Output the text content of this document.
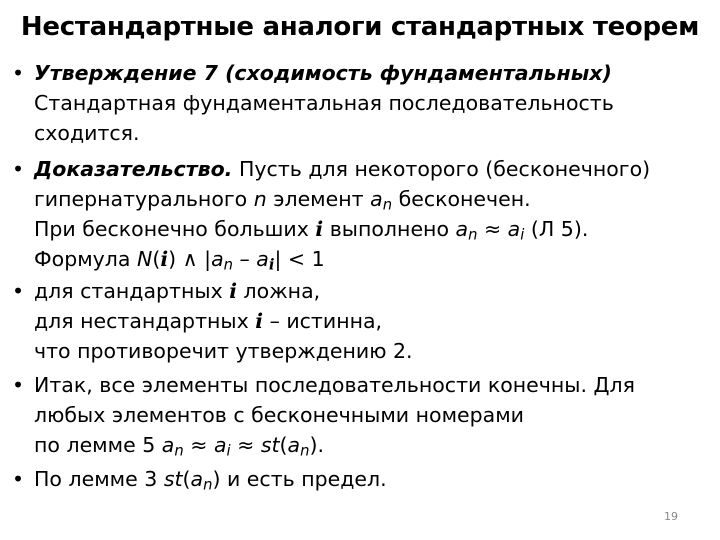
Нестандартные аналоги стандартных теорем
• Утверждение 7 (сходимость фундаментальных)
Стандартная фундаментальная последовательность
сходится.
• Доказательство. Пусть для некоторого (бесконечного)
гипернатурального n элемент $a_n$ бесконечен.
При бесконечно больших i выполнено $a_n \approx a_i$ (Л 5).
Формула N(i) ∧ $|a_n - a_i| < 1$
• для стандартных i ложна,
для нестандартных i – истинна,
что противоречит утверждению 2.
• Итак, все элементы последовательности конечны. Для
любых элементов с бесконечными номерами
по лемме 5 $a_n \approx a_i \approx st(a_n)$.
• По лемме 3 $st(a_n)$ и есть предел.
19
